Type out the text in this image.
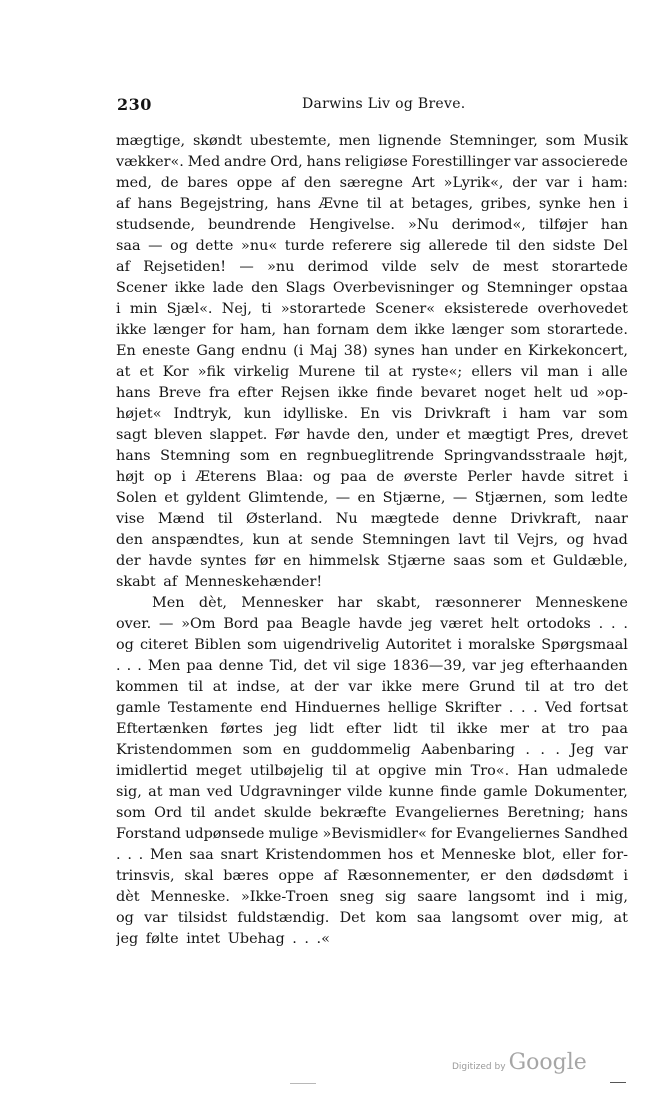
230	Darwins Liv og Breve.
mægtige, skøndt ubestemte, men lignende Stemninger, som Musik
vækker«. Med andre Ord, hans religiøse Forestillinger var associerede
med, de bares oppe af den særegne Art »Lyrik«, der var i ham:
af hans Begejstring, hans Ævne til at betages, gribes, synke hen i
studsende, beundrende Hengivelse. »Nu derimod«, tilføjer han
saa — og dette »nu« turde referere sig allerede til den sidste Del
af Rejsetiden! — »nu derimod vilde selv de mest storartede
Scener ikke lade den Slags Overbevisninger og Stemninger opstaa
i min Sjæl«. Nej, ti »storartede Scener« eksisterede overhovedet
ikke længer for ham, han fornam dem ikke længer som storartede.
En eneste Gang endnu (i Maj 38) synes han under en Kirkekoncert,
at et Kor »fik virkelig Murene til at ryste«; ellers vil man i alle
hans Breve fra efter Rejsen ikke finde bevaret noget helt ud »op-
højet« Indtryk, kun idylliske. En vis Drivkraft i ham var som
sagt bleven slappet. Før havde den, under et mægtigt Pres, drevet
hans Stemning som en regnbueglitrende Springvandsstraale højt,
højt op i Æterens Blaa: og paa de øverste Perler havde sitret i
Solen et gyldent Glimtende, — en Stjærne, — Stjærnen, som ledte
vise Mænd til Østerland. Nu mægtede denne Drivkraft, naar
den anspændtes, kun at sende Stemningen lavt til Vejrs, og hvad
der havde syntes før en himmelsk Stjærne saas som et Guldæble,
skabt af Menneskehænder!
Men dèt, Mennesker har skabt, ræsonnerer Menneskene
over. — »Om Bord paa Beagle havde jeg været helt ortodoks . . .
og citeret Biblen som uigendrivelig Autoritet i moralske Spørgsmaal
. . . Men paa denne Tid, det vil sige 1836—39, var jeg efterhaanden
kommen til at indse, at der var ikke mere Grund til at tro det
gamle Testamente end Hinduernes hellige Skrifter . . . Ved fortsat
Eftertænken førtes jeg lidt efter lidt til ikke mer at tro paa
Kristendommen som en guddommelig Aabenbaring . . . Jeg var
imidlertid meget utilbøjelig til at opgive min Tro«. Han udmalede
sig, at man ved Udgravninger vilde kunne finde gamle Dokumenter,
som Ord til andet skulde bekræfte Evangeliernes Beretning; hans
Forstand udpønsede mulige »Bevismidler« for Evangeliernes Sandhed
. . . Men saa snart Kristendommen hos et Menneske blot, eller for-
trinsvis, skal bæres oppe af Ræsonnementer, er den dødsdømt i
dèt Menneske. »Ikke-Troen sneg sig saare langsomt ind i mig,
og var tilsidst fuldstændig. Det kom saa langsomt over mig, at
jeg følte intet Ubehag . . .«
Digitized by Google
